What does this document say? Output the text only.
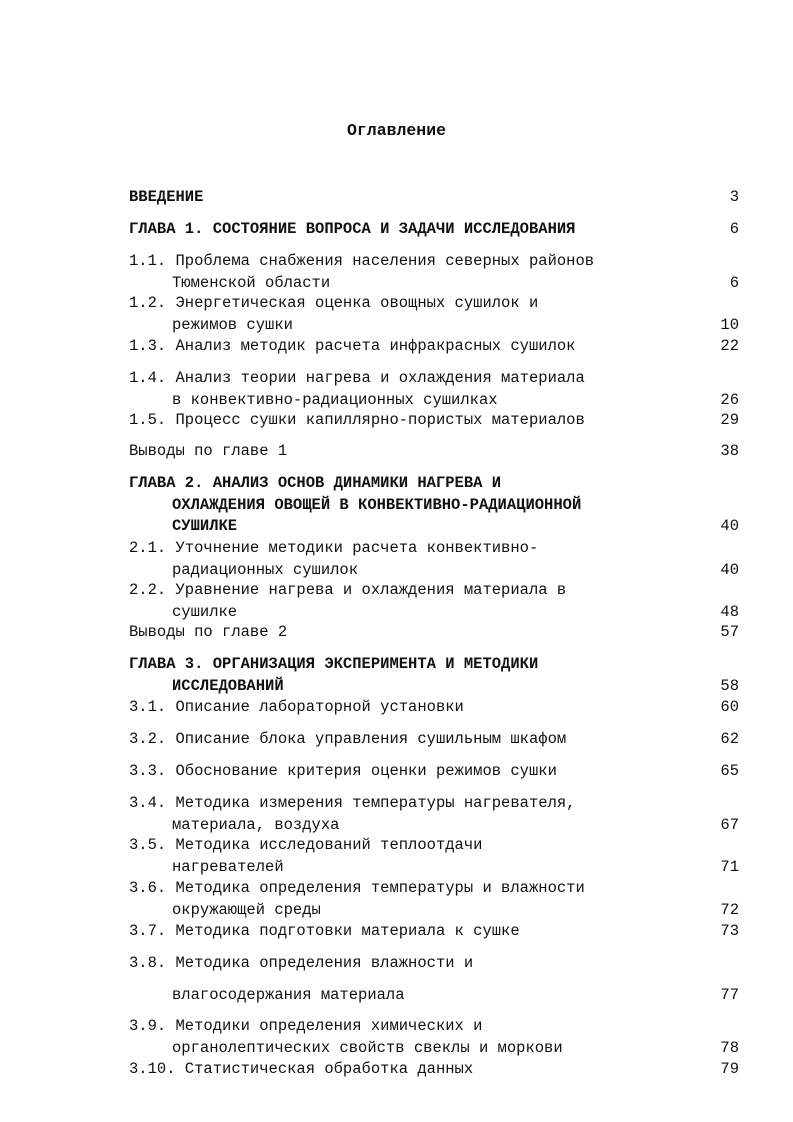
Оглавление
ВВЕДЕНИЕ	3
ГЛАВА 1. СОСТОЯНИЕ ВОПРОСА И ЗАДАЧИ ИССЛЕДОВАНИЯ	6
1.1. Проблема снабжения населения северных районов
Тюменской области	6
1.2. Энергетическая оценка овощных сушилок и
режимов сушки	10
1.3. Анализ методик расчета инфракрасных сушилок	22
1.4. Анализ теории нагрева и охлаждения материала
в конвективно-радиационных сушилках	26
1.5. Процесс сушки капиллярно-пористых материалов	29
Выводы по главе 1	38
ГЛАВА 2. АНАЛИЗ ОСНОВ ДИНАМИКИ НАГРЕВА И
ОХЛАЖДЕНИЯ ОВОЩЕЙ В КОНВЕКТИВНО-РАДИАЦИОННОЙ
СУШИЛКЕ	40
2.1. Уточнение методики расчета конвективно-
радиационных сушилок	40
2.2. Уравнение нагрева и охлаждения материала в
сушилке	48
Выводы по главе 2	57
ГЛАВА 3. ОРГАНИЗАЦИЯ ЭКСПЕРИМЕНТА И МЕТОДИКИ
ИССЛЕДОВАНИЙ	58
3.1. Описание лабораторной установки	60
3.2. Описание блока управления сушильным шкафом	62
3.3. Обоснование критерия оценки режимов сушки	65
3.4. Методика измерения температуры нагревателя,
материала, воздуха	67
3.5. Методика исследований теплоотдачи
нагревателей	71
3.6. Методика определения температуры и влажности
окружающей среды	72
3.7. Методика подготовки материала к сушке	73
3.8. Методика определения влажности и
влагосодержания материала	77
3.9. Методики определения химических и
органолептических свойств свеклы и моркови	78
3.10. Статистическая обработка данных	79
